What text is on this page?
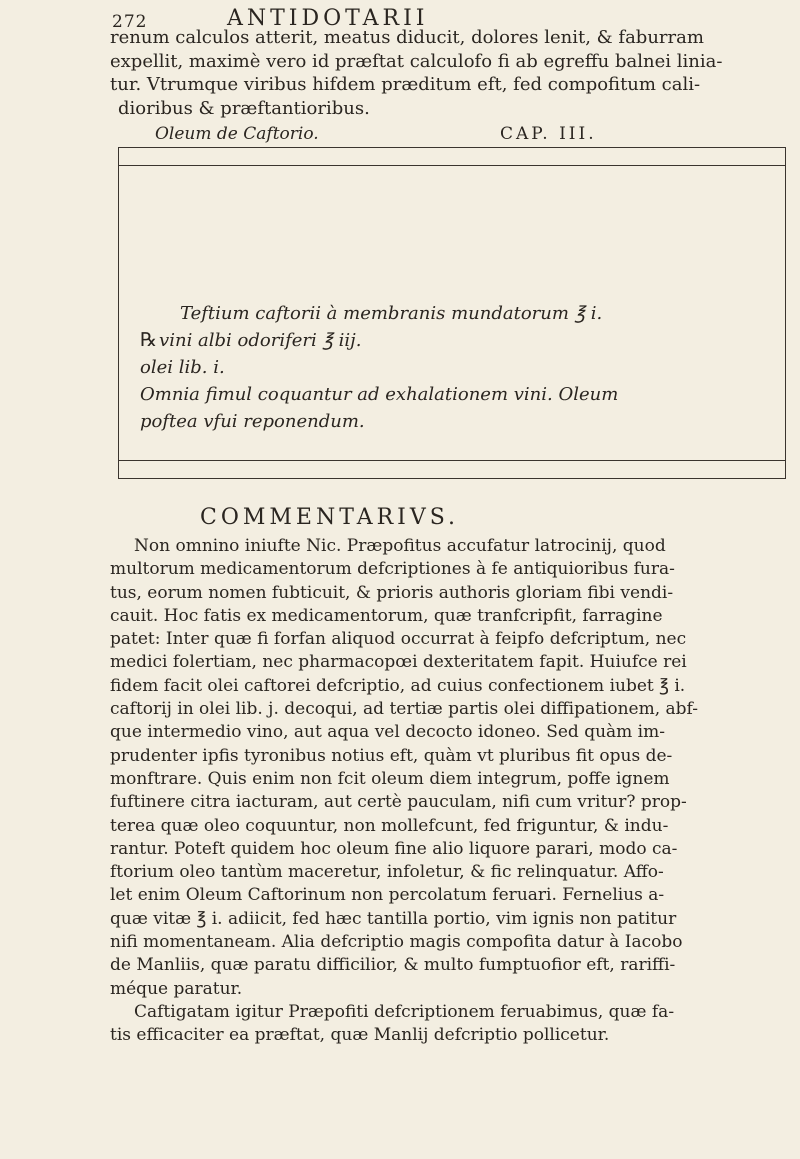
272	ANTIDOTARII
renum calculos atterit, meatus diducit, dolores lenit, & faburram
expellit, maximè vero id præftat calculofo fi ab egreffu balnei linia-
tur. Vtrumque viribus hifdem præditum eft, fed compofitum cali-
dioribus & præftantioribus.
Oleum de Caftorio.	CAP. III.
Teftium caftorii à membranis mundatorum ℥ i.
℞ vini albi odoriferi ℥ iij.
olei lib. i.
Omnia fimul coquantur ad exhalationem vini. Oleum
poftea vfui reponendum.
COMMENTARIVS.
Non omnino iniufte Nic. Præpofitus accufatur latrocinij, quod
multorum medicamentorum defcriptiones à fe antiquioribus fura-
tus, eorum nomen fubticuit, & prioris authoris gloriam fibi vendi-
cauit. Hoc fatis ex medicamentorum, quæ tranfcripfit, farragine
patet: Inter quæ fi forfan aliquod occurrat à feipfo defcriptum, nec
medici folertiam, nec pharmacopœi dexteritatem fapit. Huiufce rei
fidem facit olei caftorei defcriptio, ad cuius confectionem iubet ℥ i.
caftorij in olei lib. j. decoqui, ad tertiæ partis olei diffipationem, abf-
que intermedio vino, aut aqua vel decocto idoneo. Sed quàm im-
prudenter ipfis tyronibus notius eft, quàm vt pluribus fit opus de-
monftrare. Quis enim non fcit oleum diem integrum, poffe ignem
fuftinere citra iacturam, aut certè pauculam, nifi cum vritur? prop-
terea quæ oleo coquuntur, non mollefcunt, fed friguntur, & indu-
rantur. Poteft quidem hoc oleum fine alio liquore parari, modo ca-
ftorium oleo tantùm maceretur, infoletur, & fic relinquatur. Affo-
let enim Oleum Caftorinum non percolatum feruari. Fernelius a-
quæ vitæ ℥ i. adiicit, fed hæc tantilla portio, vim ignis non patitur
nifi momentaneam. Alia defcriptio magis compofita datur à Iacobo
de Manliis, quæ paratu difficilior, & multo fumptuofior eft, rariffi-
méque paratur.
Caftigatam igitur Præpofiti defcriptionem feruabimus, quæ fa-
tis efficaciter ea præftat, quæ Manlij defcriptio pollicetur.
